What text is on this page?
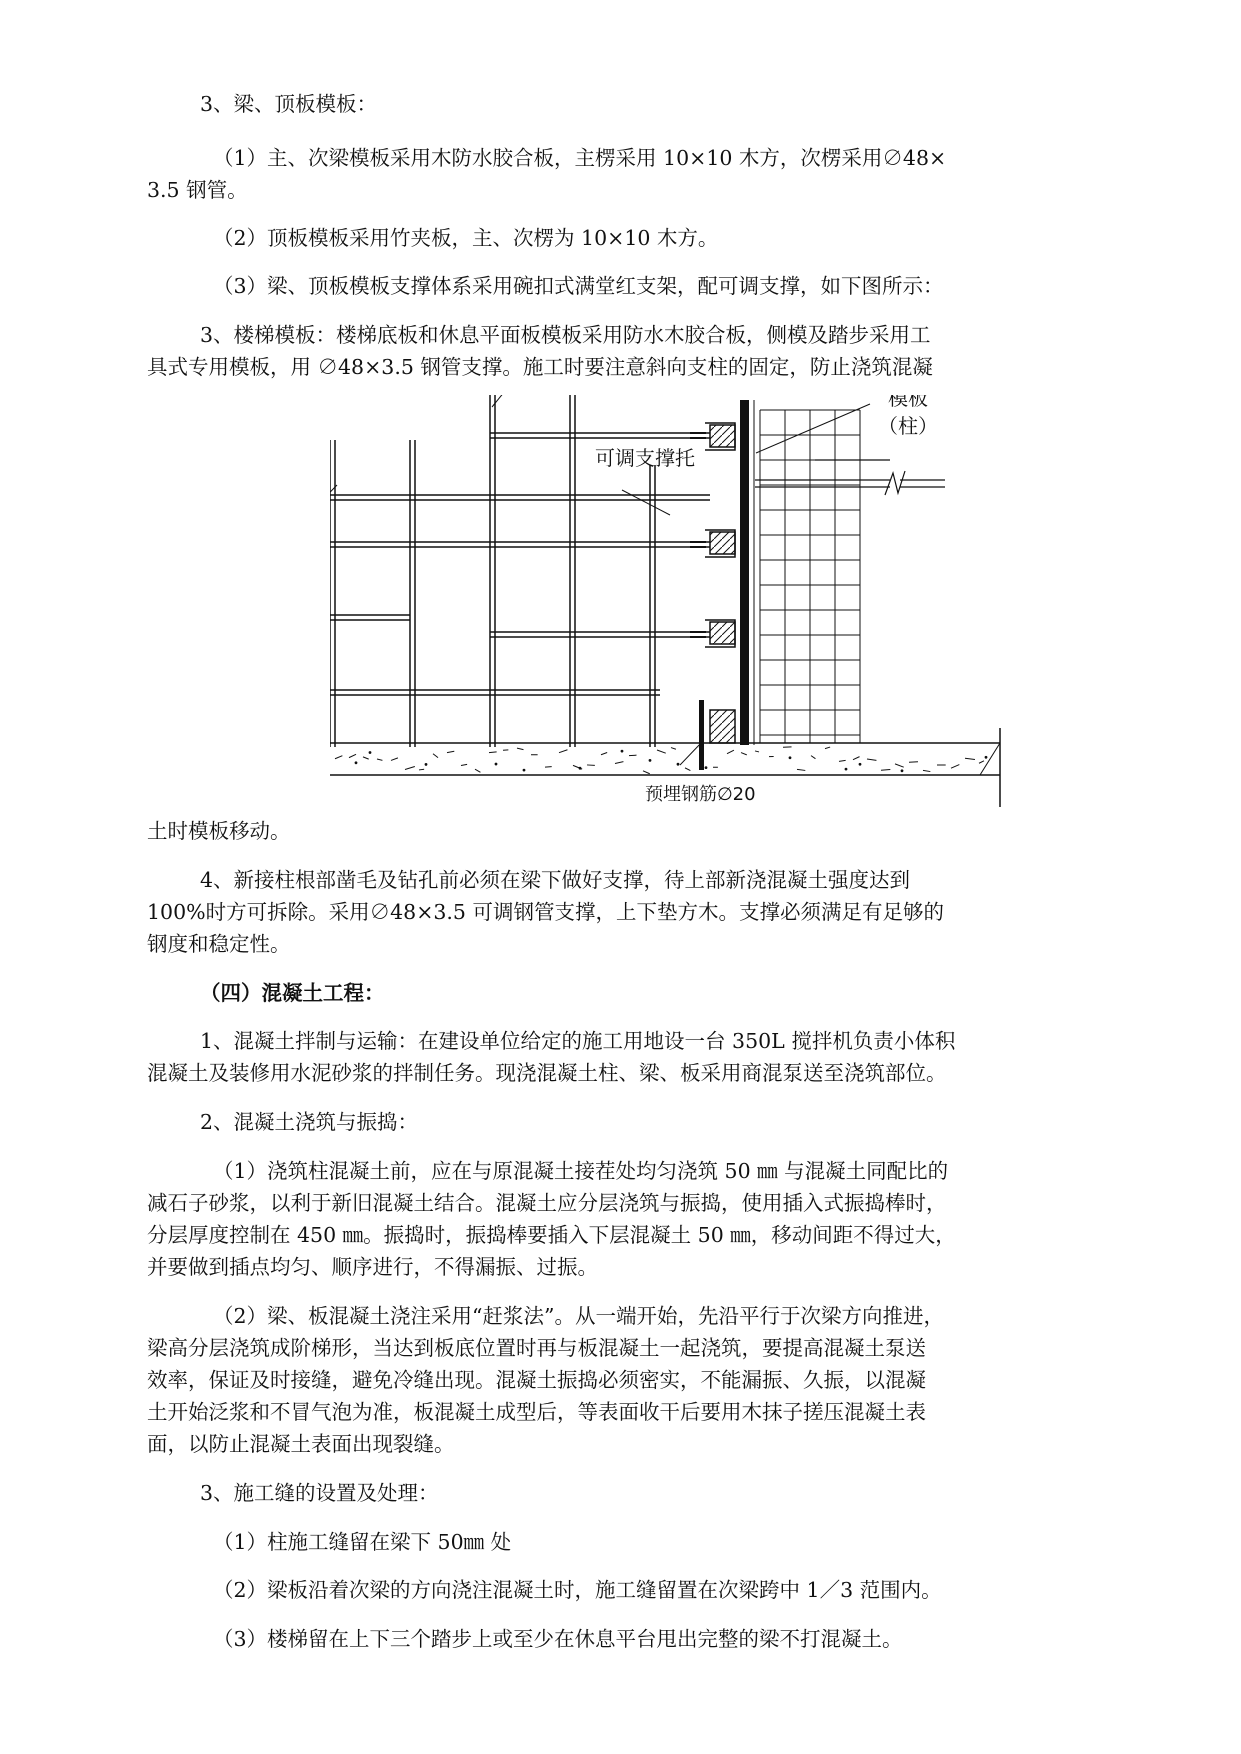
3、梁、顶板模板：

（1）主、次梁模板采用木防水胶合板，主楞采用 10×10 木方，次楞采用∅48×

3.5 钢管。

（2）顶板模板采用竹夹板，主、次楞为 10×10 木方。

（3）梁、顶板模板支撑体系采用碗扣式满堂红支架，配可调支撑，如下图所示：

3、楼梯模板：楼梯底板和休息平面板模板采用防水木胶合板，侧模及踏步采用工

具式专用模板，用 ∅48×3.5 钢管支撑。施工时要注意斜向支柱的固定，防止浇筑混凝

模板
（柱）
可调支撑托
预埋钢筋∅20

土时模板移动。

4、新接柱根部凿毛及钻孔前必须在梁下做好支撑，待上部新浇混凝土强度达到

100%时方可拆除。采用∅48×3.5 可调钢管支撑，上下垫方木。支撑必须满足有足够的

钢度和稳定性。

（四）混凝土工程：

1、混凝土拌制与运输：在建设单位给定的施工用地设一台 350L 搅拌机负责小体积

混凝土及装修用水泥砂浆的拌制任务。现浇混凝土柱、梁、板采用商混泵送至浇筑部位。

2、混凝土浇筑与振捣：

（1）浇筑柱混凝土前，应在与原混凝土接茬处均匀浇筑 50 ㎜ 与混凝土同配比的

减石子砂浆，以利于新旧混凝土结合。混凝土应分层浇筑与振捣，使用插入式振捣棒时，

分层厚度控制在 450 ㎜。振捣时，振捣棒要插入下层混凝土 50 ㎜，移动间距不得过大，

并要做到插点均匀、顺序进行，不得漏振、过振。

（2）梁、板混凝土浇注采用“赶浆法”。从一端开始，先沿平行于次梁方向推进，

梁高分层浇筑成阶梯形，当达到板底位置时再与板混凝土一起浇筑，要提高混凝土泵送

效率，保证及时接缝，避免冷缝出现。混凝土振捣必须密实，不能漏振、久振，以混凝

土开始泛浆和不冒气泡为准，板混凝土成型后，等表面收干后要用木抹子搓压混凝土表

面，以防止混凝土表面出现裂缝。

3、施工缝的设置及处理：

（1）柱施工缝留在梁下 50㎜ 处

（2）梁板沿着次梁的方向浇注混凝土时，施工缝留置在次梁跨中 1／3 范围内。

（3）楼梯留在上下三个踏步上或至少在休息平台甩出完整的梁不打混凝土。
